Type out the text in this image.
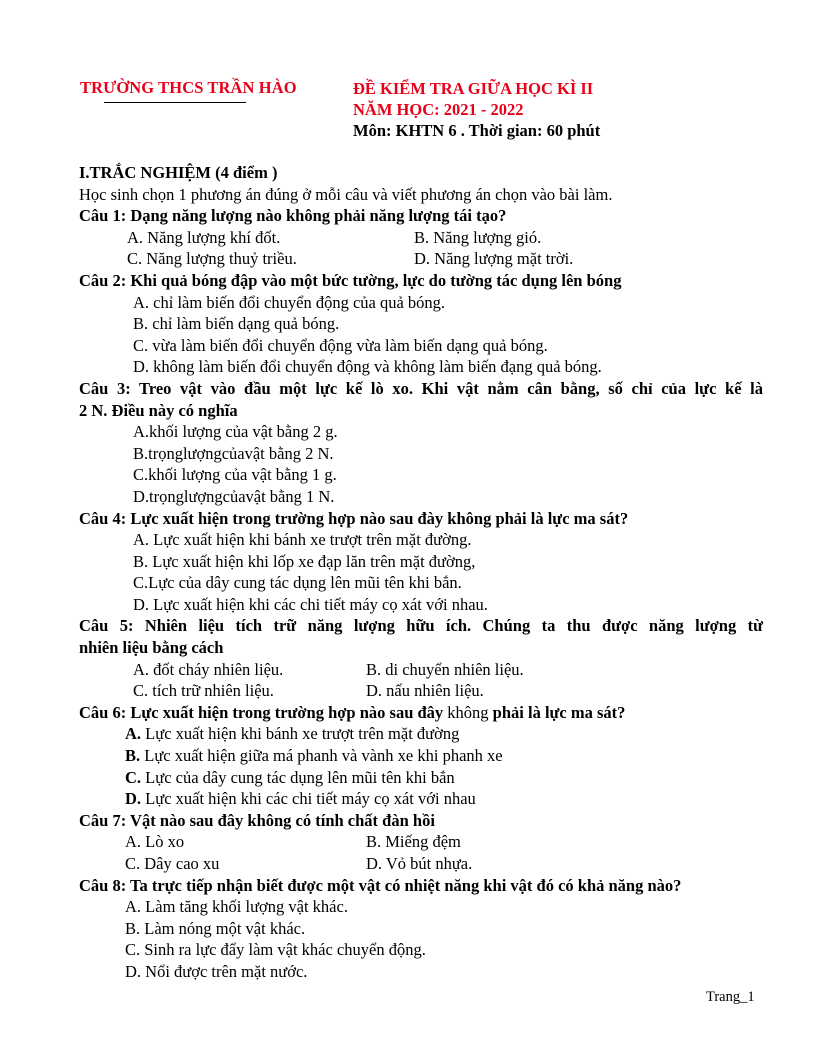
TRƯỜNG THCS TRẦN HÀO	ĐỀ KIỂM TRA GIỮA HỌC KÌ II
NĂM HỌC: 2021 - 2022
Môn: KHTN 6 . Thời gian: 60 phút
I.TRẮC NGHIỆM (4 điểm )
Học sinh chọn 1 phương án đúng ở mỗi câu và viết phương án chọn vào bài làm.
Câu 1: Dạng năng lượng nào không phải năng lượng tái tạo?
A. Năng lượng khí đốt.	B. Năng lượng gió.
C. Năng lượng thuỷ triều.	D. Năng lượng mặt trời.
Câu 2: Khi quả bóng đập vào một bức tường, lực do tường tác dụng lên bóng
A. chỉ làm biến đổi chuyển động của quả bóng.
B. chỉ làm biến dạng quả bóng.
C. vừa làm biến đổi chuyển động vừa làm biến dạng quả bóng.
D. không làm biến đổi chuyển động và không làm biến đạng quả bóng.
Câu 3: Treo vật vào đầu một lực kế lò xo. Khi vật nằm cân bằng, số chỉ của lực kế là
2 N. Điều này có nghĩa
A.khối lượng của vật bằng 2 g.
B.trọnglượngcủavật bằng 2 N.
C.khối lượng của vật bằng 1 g.
D.trọnglượngcủavật bằng 1 N.
Câu 4: Lực xuất hiện trong trường hợp nào sau đày không phải là lực ma sát?
A. Lực xuất hiện khi bánh xe trượt trên mặt đường.
B. Lực xuất hiện khi lốp xe đạp lăn trên mặt đường,
C.Lực của dây cung tác dụng lên mũi tên khi bắn.
D. Lực xuất hiện khi các chi tiết máy cọ xát với nhau.
Câu 5: Nhiên liệu tích trữ năng lượng hữu ích. Chúng ta thu được năng lượng từ
nhiên liệu bằng cách
A. đốt cháy nhiên liệu.	B. di chuyển nhiên liệu.
C. tích trữ nhiên liệu.	D. nấu nhiên liệu.
Câu 6: Lực xuất hiện trong trường hợp nào sau đây không phải là lực ma sát?
A. Lực xuất hiện khi bánh xe trượt trên mặt đường
B. Lực xuất hiện giữa má phanh và vành xe khi phanh xe
C. Lực của dây cung tác dụng lên mũi tên khi bắn
D. Lực xuất hiện khi các chi tiết máy cọ xát với nhau
Câu 7: Vật nào sau đây không có tính chất đàn hồi
A. Lò xo	B. Miếng đệm
C. Dây cao xu	D. Vỏ bút nhựa.
Câu 8: Ta trực tiếp nhận biết được một vật có nhiệt năng khi vật đó có khả năng nào?
A. Làm tăng khối lượng vật khác.
B. Làm nóng một vật khác.
C. Sinh ra lực đẩy làm vật khác chuyển động.
D. Nổi được trên mặt nước.
Trang_1
